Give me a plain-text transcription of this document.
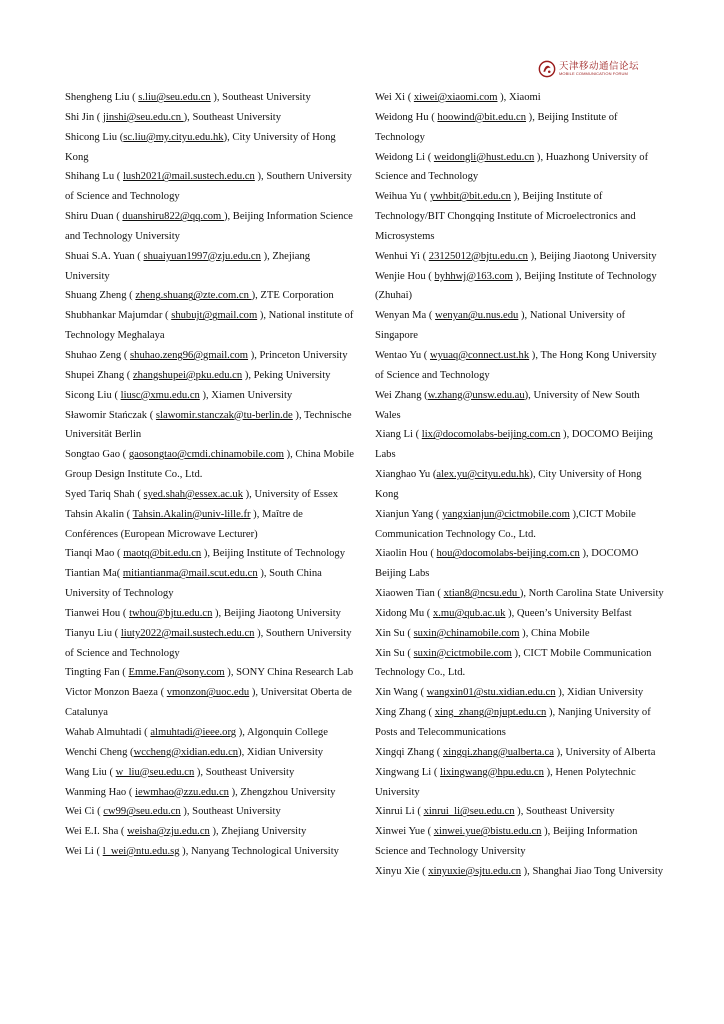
天津移动通信论坛
MOBILE COMMUNICATION FORUM

Shengheng Liu ( s.liu@seu.edu.cn ), Southeast University

Shi Jin ( jinshi@seu.edu.cn ), Southeast University

Shicong Liu (sc.liu@my.cityu.edu.hk), City University of Hong Kong

Shihang Lu ( lush2021@mail.sustech.edu.cn ), Southern University of Science and Technology

Shiru Duan ( duanshiru822@qq.com ), Beijing Information Science and Technology University

Shuai S.A. Yuan ( shuaiyuan1997@zju.edu.cn ), Zhejiang University

Shuang Zheng ( zheng.shuang@zte.com.cn ), ZTE Corporation

Shubhankar Majumdar ( shubujt@gmail.com ), National institute of Technology Meghalaya

Shuhao Zeng ( shuhao.zeng96@gmail.com ), Princeton University

Shupei Zhang ( zhangshupei@pku.edu.cn ), Peking University

Sicong Liu ( liusc@xmu.edu.cn ), Xiamen University

Sławomir Stańczak ( slawomir.stanczak@tu-berlin.de ), Technische Universität Berlin

Songtao Gao ( gaosongtao@cmdi.chinamobile.com ), China Mobile Group Design Institute Co., Ltd.

Syed Tariq Shah ( syed.shah@essex.ac.uk ), University of Essex

Tahsin Akalin ( Tahsin.Akalin@univ-lille.fr ), Maître de Conférences (European Microwave Lecturer)

Tianqi Mao ( maotq@bit.edu.cn ), Beijing Institute of Technology

Tiantian Ma( mitiantianma@mail.scut.edu.cn ), South China University of Technology

Tianwei Hou ( twhou@bjtu.edu.cn ), Beijing Jiaotong University

Tianyu Liu ( liuty2022@mail.sustech.edu.cn ), Southern University of Science and Technology

Tingting Fan ( Emme.Fan@sony.com ), SONY China Research Lab

Victor Monzon Baeza ( vmonzon@uoc.edu ), Universitat Oberta de Catalunya

Wahab Almuhtadi ( almuhtadi@ieee.org ), Algonquin College

Wenchi Cheng (wccheng@xidian.edu.cn), Xidian University

Wang Liu ( w_liu@seu.edu.cn ), Southeast University

Wanming Hao ( iewmhao@zzu.edu.cn ), Zhengzhou University

Wei Ci ( cw99@seu.edu.cn ), Southeast University

Wei E.I. Sha ( weisha@zju.edu.cn ), Zhejiang University

Wei Li ( l_wei@ntu.edu.sg ), Nanyang Technological University

Wei Xi ( xiwei@xiaomi.com ), Xiaomi

Weidong Hu ( hoowind@bit.edu.cn ), Beijing Institute of Technology

Weidong Li ( weidongli@hust.edu.cn ), Huazhong University of Science and Technology

Weihua Yu ( ywhbit@bit.edu.cn ), Beijing Institute of Technology/BIT Chongqing Institute of Microelectronics and Microsystems

Wenhui Yi ( 23125012@bjtu.edu.cn ), Beijing Jiaotong University

Wenjie Hou ( byhhwj@163.com ), Beijing Institute of Technology (Zhuhai)

Wenyan Ma ( wenyan@u.nus.edu ), National University of Singapore

Wentao Yu ( wyuaq@connect.ust.hk ), The Hong Kong University of Science and Technology

Wei Zhang (w.zhang@unsw.edu.au), University of New South Wales

Xiang Li ( lix@docomolabs-beijing.com.cn ), DOCOMO Beijing Labs

Xianghao Yu (alex.yu@cityu.edu.hk), City University of Hong Kong

Xianjun Yang ( yangxianjun@cictmobile.com ),CICT Mobile Communication Technology Co., Ltd.

Xiaolin Hou ( hou@docomolabs-beijing.com.cn ), DOCOMO Beijing Labs

Xiaowen Tian ( xtian8@ncsu.edu ), North Carolina State University

Xidong Mu ( x.mu@qub.ac.uk ), Queen’s University Belfast

Xin Su ( suxin@chinamobile.com ), China Mobile

Xin Su ( suxin@cictmobile.com ), CICT Mobile Communication Technology Co., Ltd.

Xin Wang ( wangxin01@stu.xidian.edu.cn ), Xidian University

Xing Zhang ( xing_zhang@njupt.edu.cn ), Nanjing University of Posts and Telecommunications

Xingqi Zhang ( xingqi.zhang@ualberta.ca ), University of Alberta

Xingwang Li ( lixingwang@hpu.edu.cn ), Henen Polytechnic University

Xinrui Li ( xinrui_li@seu.edu.cn ), Southeast University

Xinwei Yue ( xinwei.yue@bistu.edu.cn ), Beijing Information Science and Technology University

Xinyu Xie ( xinyuxie@sjtu.edu.cn ), Shanghai Jiao Tong University
